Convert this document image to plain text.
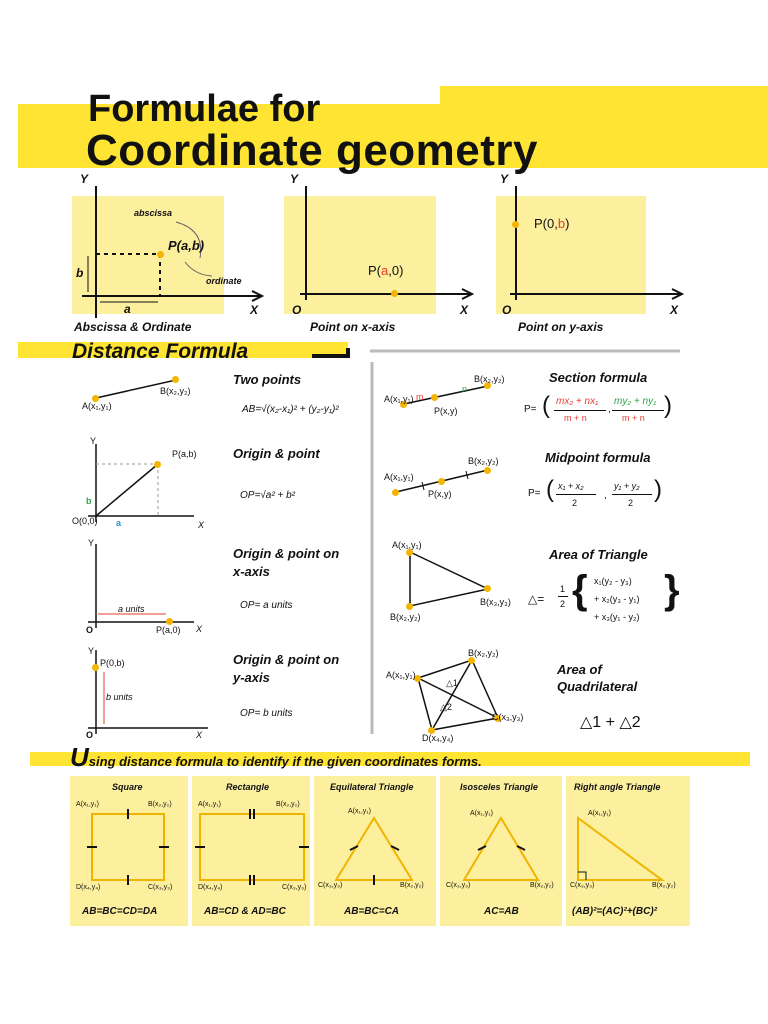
Formulae for
Coordinate geometry
Y
X
P(a,b)
abscissa
ordinate
b
a
Abscissa & Ordinate
Y
X
O
P(a,0)
Point on x-axis
Y
X
O
P(0,b)
Point on y-axis
Distance Formula
A(x₁,y₁)
B(x₂,y₂)
Two points
AB=√(x₂-x₁)² + (y₂-y₁)²
Y
X
P(a,b)
O(0,0)
b
a
Origin & point
OP=√a² + b²
Y
X
a units
O	P(a,0)
Origin & point on
x-axis
OP= a units
Y
X
P(0,b)
b units
O
Origin & point on
y-axis
OP= b units
A(x₁,y₁)
B(x₂,y₂)
P(x,y)
m
n
Section formula
P= ( mx₂ + nx₁
m + n
,
my₂ + ny₁
m + n )
A(x₁,y₁)
B(x₂,y₂)
P(x,y)
Midpoint formula
P= ( x₁ + x₂
2
,
y₁ + y₂
2 )
A(x₁,y₁)
B(x₃,y₃)
B(x₂,y₂)
Area of Triangle
△=
1
2 { x₁(y₂ - y₃)
+ x₂(y₃ - y₁)
+ x₃(y₁ - y₂)
}
A(x₁,y₁)
B(x₂,y₂)
C(x₃,y₃)
D(x₄,y₄)
△1
△2
Area of
Quadrilateral
△1 + △2
Using distance formula to identify if the given coordinates forms.
Square
A(x₁,y₁)	B(x₂,y₂)
D(x₄,y₄)	C(x₃,y₃)
AB=BC=CD=DA
Rectangle
A(x₁,y₁)	B(x₂,y₂)
D(x₄,y₄)	C(x₃,y₃)
AB=CD & AD=BC
Equilateral Triangle
A(x₁,y₁)
C(x₃,y₃)	B(x₂,y₂)
AB=BC=CA
Isosceles Triangle
A(x₁,y₁)
C(x₃,y₃)	B(x₂,y₂)
AC=AB
Right angle Triangle
A(x₁,y₁)
C(x₃,y₃)	B(x₂,y₂)
(AB)²=(AC)²+(BC)²
